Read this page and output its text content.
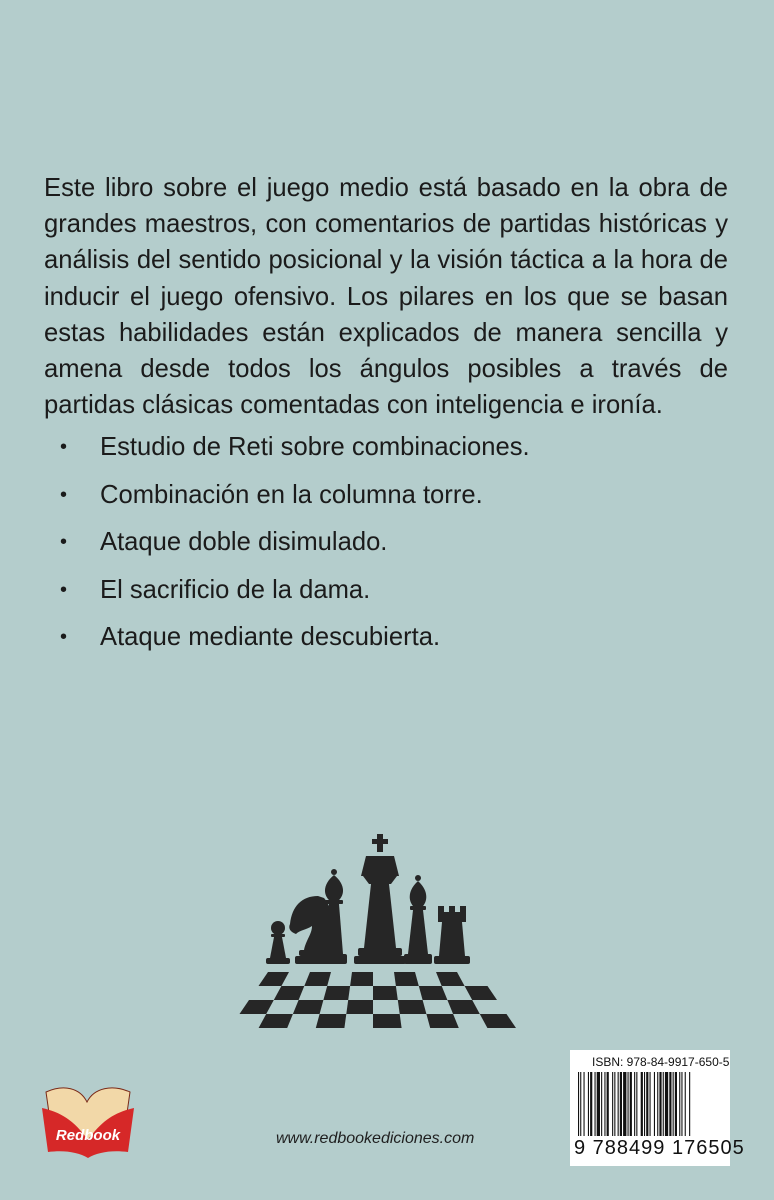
Este libro sobre el juego medio está basado en la obra de grandes maestros, con comentarios de partidas históricas y análisis del sentido posicional y la visión táctica a la hora de inducir el juego ofensivo. Los pilares en los que se basan estas habilidades están explicados de manera sencilla y amena desde todos los ángulos posibles a través de partidas clásicas comentadas con inteligencia e ironía.

• Estudio de Reti sobre combinaciones.
• Combinación en la columna torre.
• Ataque doble disimulado.
• El sacrificio de la dama.
• Ataque mediante descubierta.
Redbook	www.redbookediciones.com
ISBN: 978-84-9917-650-5
9 788499 176505
